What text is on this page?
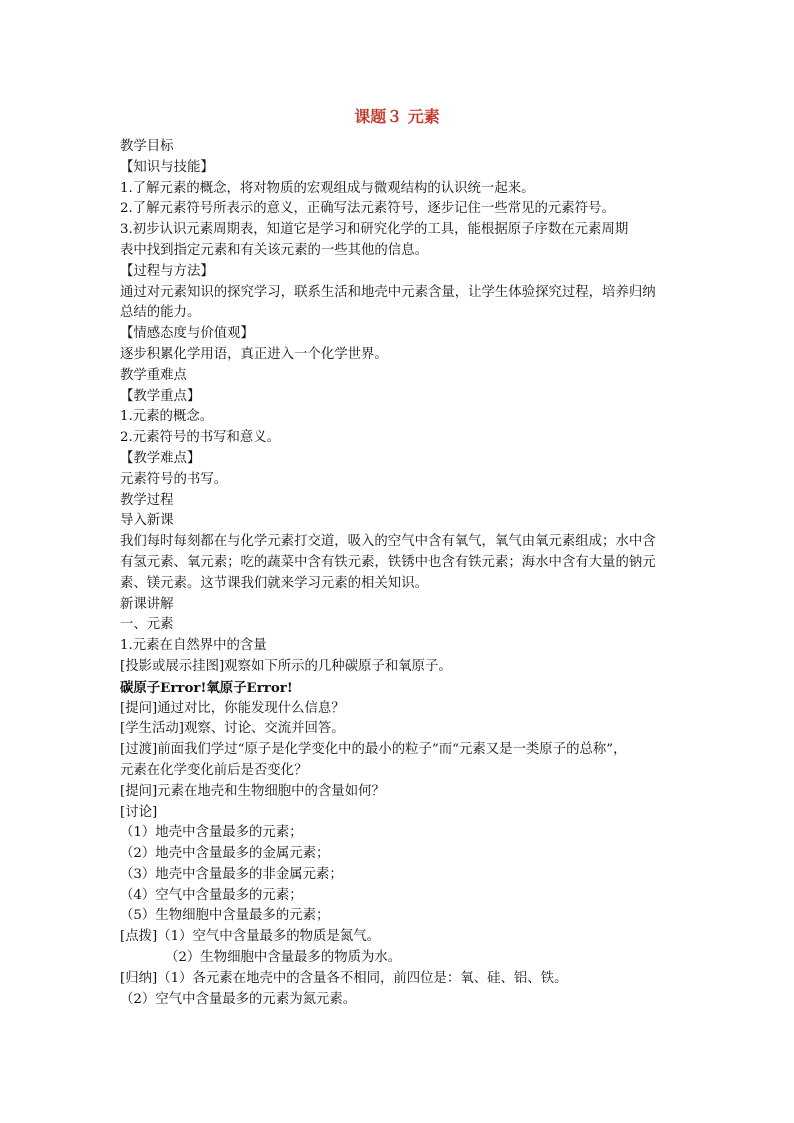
课题３ 元素
教学目标
【知识与技能】
1.了解元素的概念，将对物质的宏观组成与微观结构的认识统一起来。
2.了解元素符号所表示的意义，正确写法元素符号，逐步记住一些常见的元素符号。
3.初步认识元素周期表，知道它是学习和研究化学的工具，能根据原子序数在元素周期
表中找到指定元素和有关该元素的一些其他的信息。
【过程与方法】
通过对元素知识的探究学习，联系生活和地壳中元素含量，让学生体验探究过程，培养归纳
总结的能力。
【情感态度与价值观】
逐步积累化学用语，真正进入一个化学世界。
教学重难点
【教学重点】
1.元素的概念。
2.元素符号的书写和意义。
【教学难点】
元素符号的书写。
教学过程
导入新课
我们每时每刻都在与化学元素打交道，吸入的空气中含有氧气，氧气由氧元素组成；水中含
有氢元素、氧元素；吃的蔬菜中含有铁元素，铁锈中也含有铁元素；海水中含有大量的钠元
素、镁元素。这节课我们就来学习元素的相关知识。
新课讲解
一、元素
1.元素在自然界中的含量
[投影或展示挂图]观察如下所示的几种碳原子和氧原子。
碳原子Error!氧原子Error!
[提问]通过对比，你能发现什么信息？
[学生活动]观察、讨论、交流并回答。
[过渡]前面我们学过“原子是化学变化中的最小的粒子”而“元素又是一类原子的总称”，
元素在化学变化前后是否变化？
[提问]元素在地壳和生物细胞中的含量如何？
[讨论]
（1）地壳中含量最多的元素；
（2）地壳中含量最多的金属元素；
（3）地壳中含量最多的非金属元素；
（4）空气中含量最多的元素；
（5）生物细胞中含量最多的元素；
[点拨]（1）空气中含量最多的物质是氮气。
（2）生物细胞中含量最多的物质为水。
[归纳]（1）各元素在地壳中的含量各不相同，前四位是：氧、硅、铝、铁。
（2）空气中含量最多的元素为氮元素。
